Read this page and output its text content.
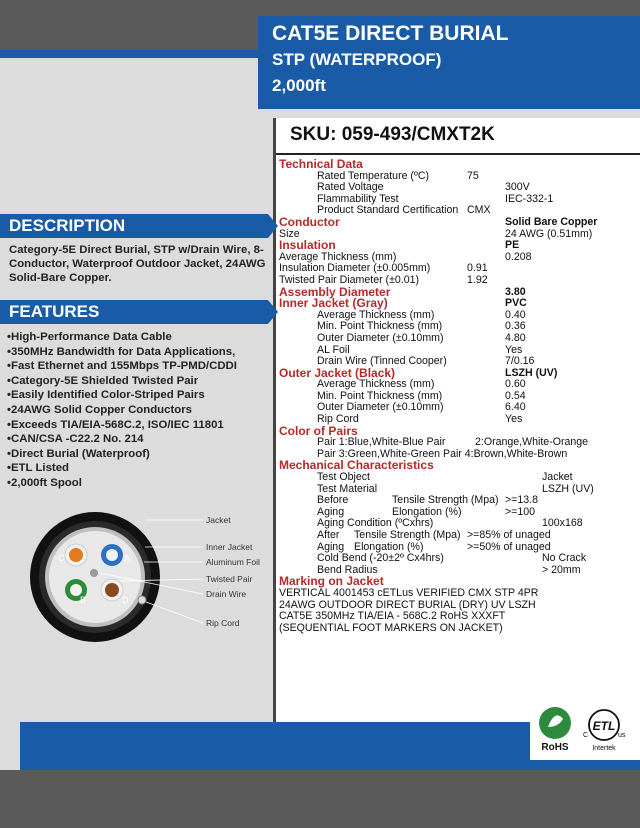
CAT5E DIRECT BURIAL
STP (WATERPROOF)
2,000ft
SKU: 059-493/CMXT2K
Technical Data
Rated Temperature (ºC)	75
Rated Voltage	300V
Flammability Test	IEC-332-1
Product Standard Certification CMX
Conductor	Solid Bare Copper
Size	24 AWG (0.51mm)
Insulation	PE
Average Thickness (mm)	0.208
Insulation Diameter (±0.005mm)	0.91
Twisted Pair Diameter (±0.01)	1.92
Assembly Diameter	3.80
Inner Jacket (Gray)	PVC
Average Thickness (mm)	0.40
Min. Point Thickness (mm)	0.36
Outer Diameter (±0.10mm)	4.80
AL Foil	Yes
Drain Wire (Tinned Cooper)	7/0.16
Outer Jacket (Black)	LSZH (UV)
Average Thickness (mm)	0.60
Min. Point Thickness (mm)	0.54
Outer Diameter (±0.10mm)	6.40
Rip Cord	Yes
Color of Pairs
Pair 1:Blue,White-Blue Pair	2:Orange,White-Orange
Pair 3:Green,White-Green Pair 4:Brown,White-Brown
Mechanical Characteristics
Test Object	Jacket
Test Material	LSZH (UV)
Before	Tensile Strength (Mpa) >=13.8
Aging	Elongation (%)	>=100
Aging Condition (ºCxhrs)	100x168
After Tensile Strength (Mpa) >=85% of unaged
Aging Elongation (%)	>=50% of unaged
Cold Bend (-20±2º Cx4hrs)	No Crack
Bend Radius	> 20mm
Marking on Jacket
VERTICAL 4001453 cETLus VERIFIED CMX STP 4PR
24AWG OUTDOOR DIRECT BURIAL (DRY) UV LSZH
CAT5E 350MHz TIA/EIA - 568C.2 RoHS XXXFT
(SEQUENTIAL FOOT MARKERS ON JACKET)
DESCRIPTION
Category-5E Direct Burial, STP w/Drain Wire, 8-Conductor, Waterproof Outdoor Jacket, 24AWG Solid-Bare Copper.
FEATURES
• High-Performance Data Cable
• 350MHz Bandwidth for Data Applications,
• Fast Ethernet and 155Mbps TP-PMD/CDDI
• Category-5E Shielded Twisted Pair
• Easily Identified Color-Striped Pairs
• 24AWG Solid Copper Conductors
• Exceeds TIA/EIA-568C.2, ISO/IEC 11801
• CAN/CSA -C22.2 No. 214
• Direct Burial (Waterproof)
• ETL Listed
• 2,000ft Spool
C	A
B	D
Jacket
Inner Jacket
Aluminum Foil
Twisted Pair
Drain Wire
Rip Cord
RoHS
ETL
C	us
Intertek
